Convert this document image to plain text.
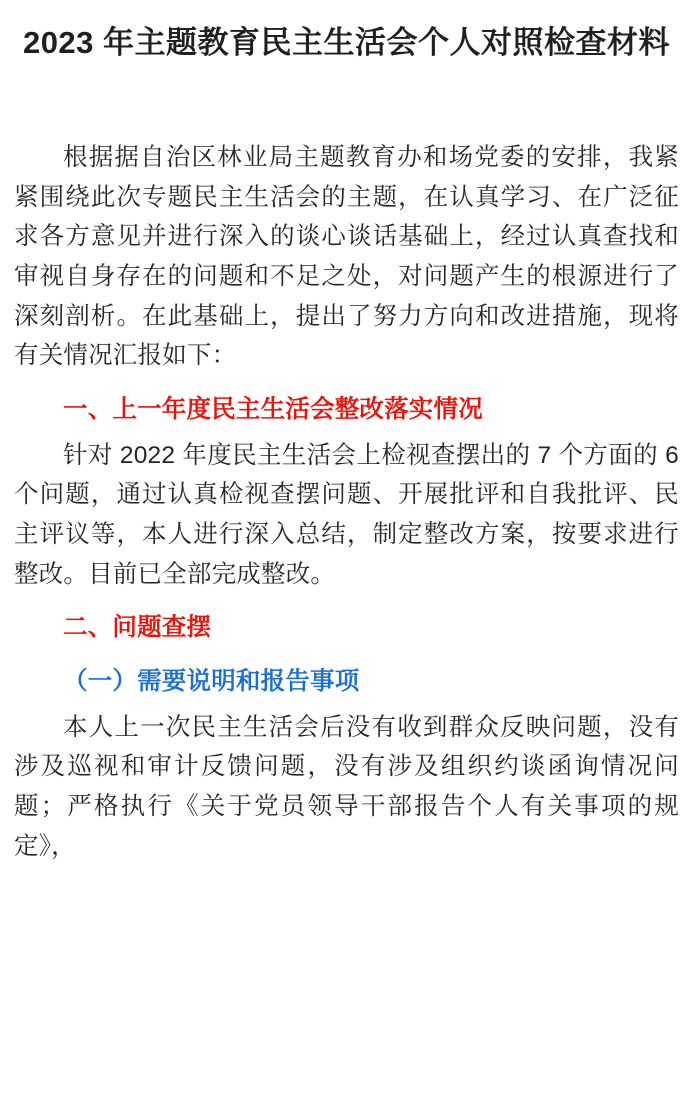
2023 年主题教育民主生活会个人对照检查材料

根据据自治区林业局主题教育办和场党委的安排，我紧紧围绕此次专题民主生活会的主题，在认真学习、在广泛征求各方意见并进行深入的谈心谈话基础上，经过认真查找和审视自身存在的问题和不足之处，对问题产生的根源进行了深刻剖析。在此基础上，提出了努力方向和改进措施，现将有关情况汇报如下：

一、上一年度民主生活会整改落实情况

针对 2022 年度民主生活会上检视查摆出的 7 个方面的 6 个问题，通过认真检视查摆问题、开展批评和自我批评、民主评议等，本人进行深入总结，制定整改方案，按要求进行整改。目前已全部完成整改。

二、问题查摆

（一）需要说明和报告事项

本人上一次民主生活会后没有收到群众反映问题，没有涉及巡视和审计反馈问题，没有涉及组织约谈函询情况问题；严格执行《关于党员领导干部报告个人有关事项的规定》，
